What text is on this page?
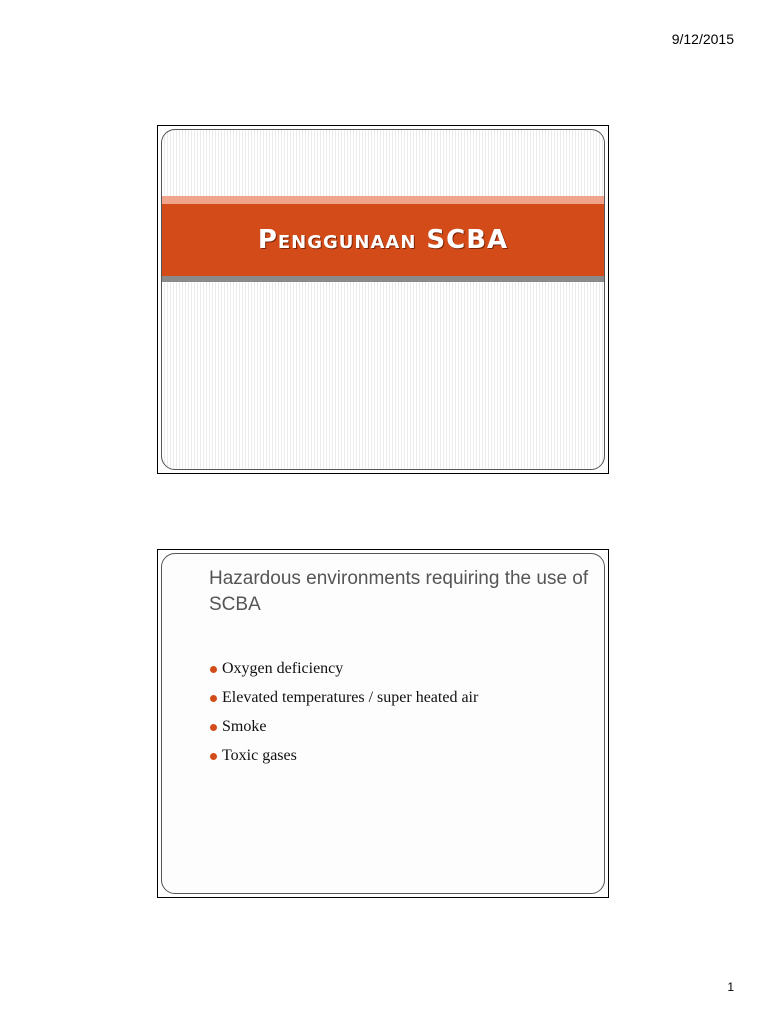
9/12/2015
Penggunaan SCBA
Hazardous environments requiring the use of SCBA
Oxygen deficiency
Elevated temperatures / super heated air
Smoke
Toxic gases
1
